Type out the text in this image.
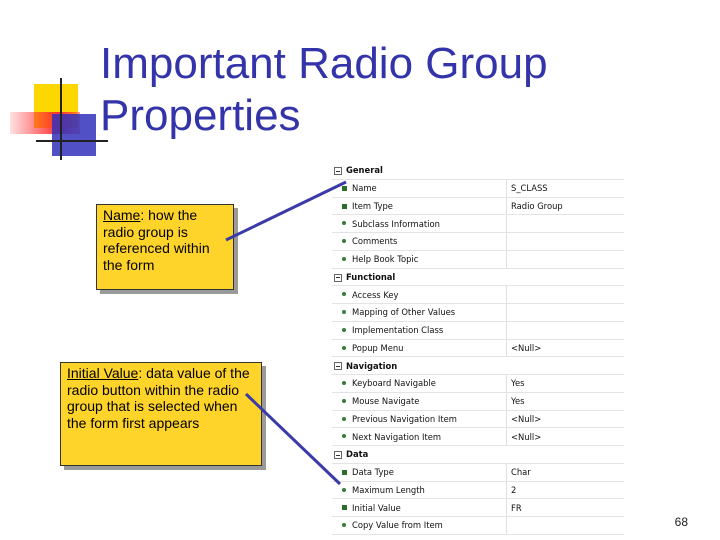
Important Radio Group Properties
General
Name	S_CLASS
Item Type	Radio Group
Subclass Information
Comments
Help Book Topic
Functional
Access Key
Mapping of Other Values
Implementation Class
Popup Menu	<Null>
Navigation
Keyboard Navigable	Yes
Mouse Navigate	Yes
Previous Navigation Item	<Null>
Next Navigation Item	<Null>
Data
Data Type	Char
Maximum Length	2
Initial Value	FR
Copy Value from Item
Name: how the radio group is referenced within the form
Initial Value: data value of the radio button within the radio group that is selected when the form first appears
68
